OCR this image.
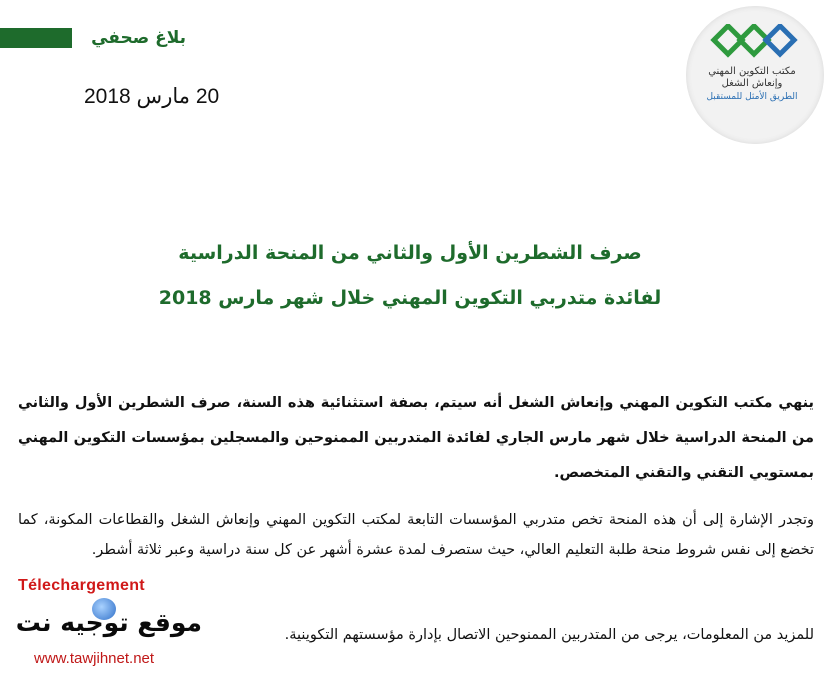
بلاغ صحفي
20 مارس 2018
مكتب التكوين المهني
وإنعاش الشغل
الطريق الأمثل للمستقبل
صرف الشطرين الأول والثاني من المنحة الدراسية
لفائدة متدربي التكوين المهني خلال شهر مارس 2018
ينهي مكتب التكوين المهني وإنعاش الشغل أنه سيتم، بصفة استثنائية هذه السنة، صرف الشطرين الأول والثاني من المنحة الدراسية خلال شهر مارس الجاري لفائدة المتدربين الممنوحين والمسجلين بمؤسسات التكوين المهني بمستويي التقني والتقني المتخصص.
وتجدر الإشارة إلى أن هذه المنحة تخص متدربي المؤسسات التابعة لمكتب التكوين المهني وإنعاش الشغل والقطاعات المكونة، كما تخضع إلى نفس شروط منحة طلبة التعليم العالي، حيث ستصرف لمدة عشرة أشهر عن كل سنة دراسية وعبر ثلاثة أشطر.
للمزيد من المعلومات، يرجى من المتدربين الممنوحين الاتصال بإدارة مؤسستهم التكوينية.
Télechargement
موقع توجيه نت
www.tawjihnet.net
